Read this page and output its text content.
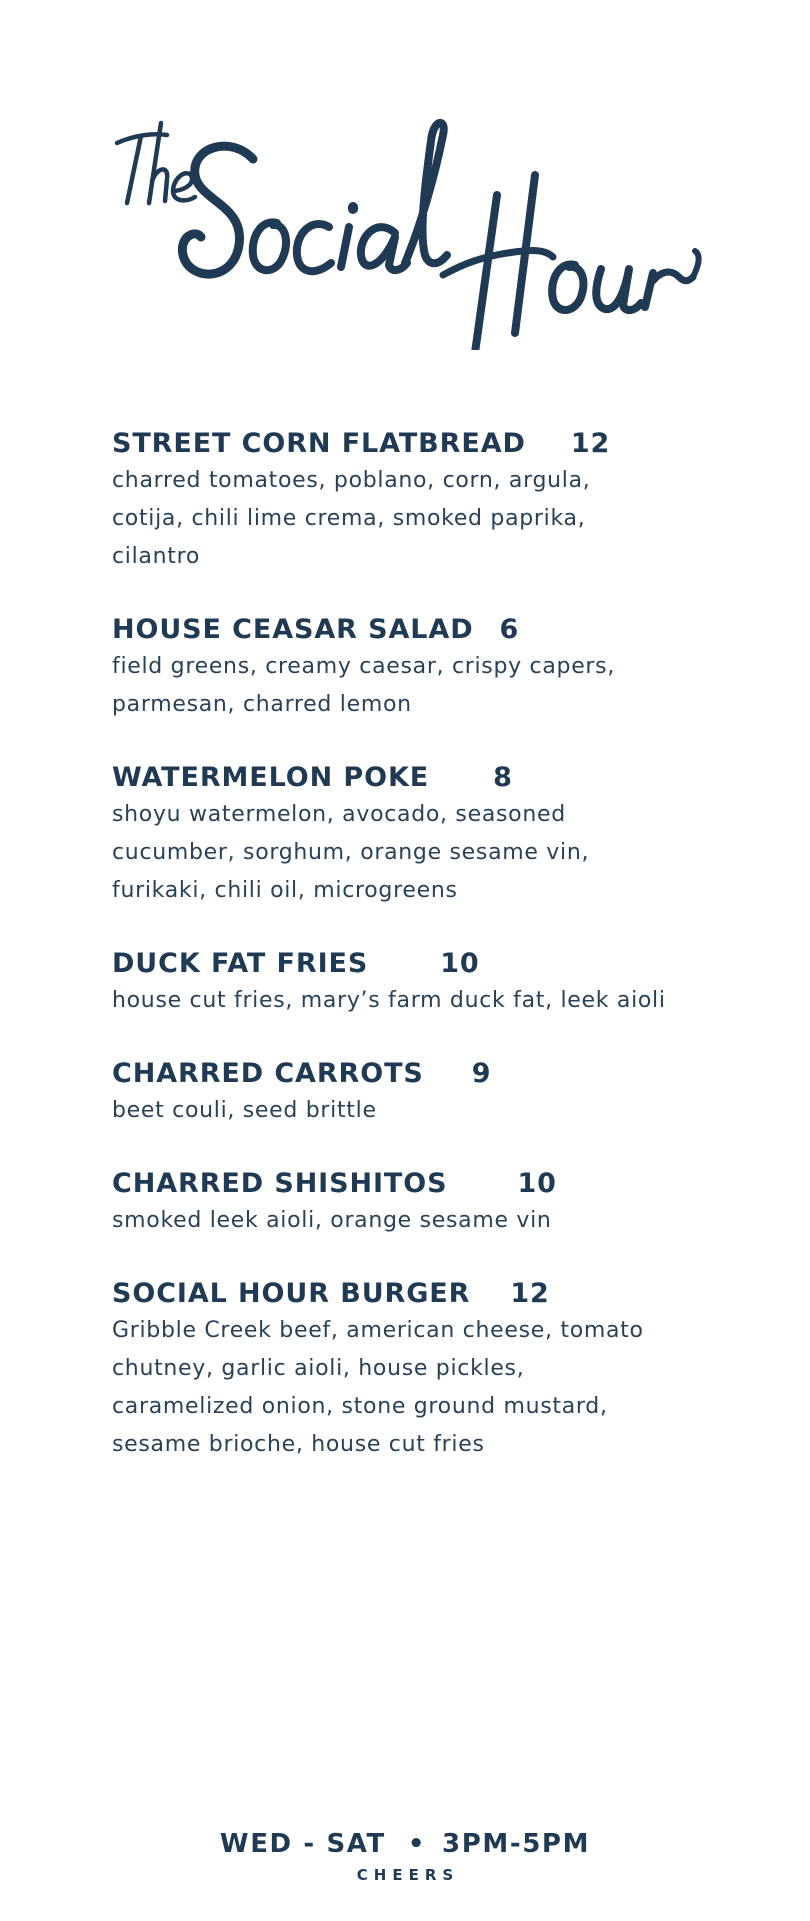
STREET CORN FLATBREAD 12
charred tomatoes, poblano, corn, argula,
cotija, chili lime crema, smoked paprika,
cilantro
HOUSE CEASAR SALAD 6
field greens, creamy caesar, crispy capers,
parmesan, charred lemon
WATERMELON POKE 8
shoyu watermelon, avocado, seasoned
cucumber, sorghum, orange sesame vin,
furikaki, chili oil, microgreens
DUCK FAT FRIES	10
house cut fries, mary’s farm duck fat, leek aioli
CHARRED CARROTS 9
beet couli, seed brittle
CHARRED SHISHITOS	10
smoked leek aioli, orange sesame vin
SOCIAL HOUR BURGER 12
Gribble Creek beef, american cheese, tomato
chutney, garlic aioli, house pickles,
caramelized onion, stone ground mustard,
sesame brioche, house cut fries
WED - SAT • 3PM-5PM
CHEERS
